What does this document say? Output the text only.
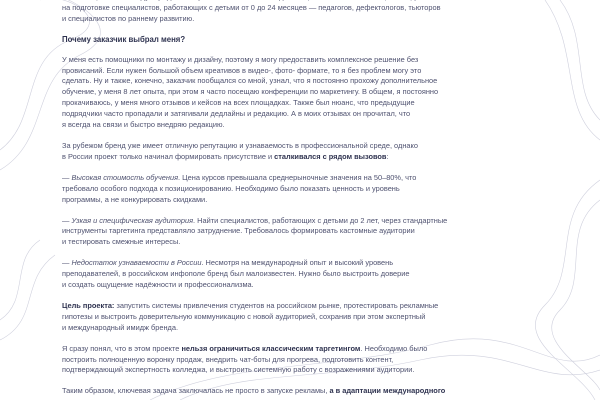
на подготовке специалистов, работающих с детьми от 0 до 24 месяцев — педагогов, дефектологов, тьюторов
и специалистов по раннему развитию.

Почему заказчик выбрал меня?

У меня есть помощники по монтажу и дизайну, поэтому я могу предоставить комплексное решение без
провисаний. Если нужен большой объем креативов в видео-, фото- формате, то я без проблем могу это
сделать. Ну и также, конечно, заказчик пообщался со мной, узнал, что я постоянно прохожу дополнительное
обучение, у меня 8 лет опыта, при этом я часто посещаю конференции по маркетингу. В общем, я постоянно
прокачиваюсь, у меня много отзывов и кейсов на всех площадках. Также был нюанс, что предыдущие
подрядчики часто пропадали и затягивали дедлайны и редакцию. А в моих отзывах он прочитал, что
я всегда на связи и быстро внедряю редакцию.

За рубежом бренд уже имеет отличную репутацию и узнаваемость в профессиональной среде, однако
в России проект только начинал формировать присутствие и сталкивался с рядом вызовов:

— Высокая стоимость обучения. Цена курсов превышала среднерыночные значения на 50–80%, что
требовало особого подхода к позиционированию. Необходимо было показать ценность и уровень
программы, а не конкурировать скидками.

— Узкая и специфическая аудитория. Найти специалистов, работающих с детьми до 2 лет, через стандартные
инструменты таргетинга представляло затруднение. Требовалось формировать кастомные аудитории
и тестировать смежные интересы.

— Недостаток узнаваемости в России. Несмотря на международный опыт и высокий уровень
преподавателей, в российском инфополе бренд был малоизвестен. Нужно было выстроить доверие
и создать ощущение надёжности и профессионализма.

Цель проекта: запустить системы привлечения студентов на российском рынке, протестировать рекламные
гипотезы и выстроить доверительную коммуникацию с новой аудиторией, сохранив при этом экспертный
и международный имидж бренда.

Я сразу понял, что в этом проекте нельзя ограничиться классическим таргетингом. Необходимо было
построить полноценную воронку продаж, внедрить чат-боты для прогрева, подготовить контент,
подтверждающий экспертность колледжа, и выстроить системную работу с возражениями аудитории.

Таким образом, ключевая задача заключалась не просто в запуске рекламы, а в адаптации международного
